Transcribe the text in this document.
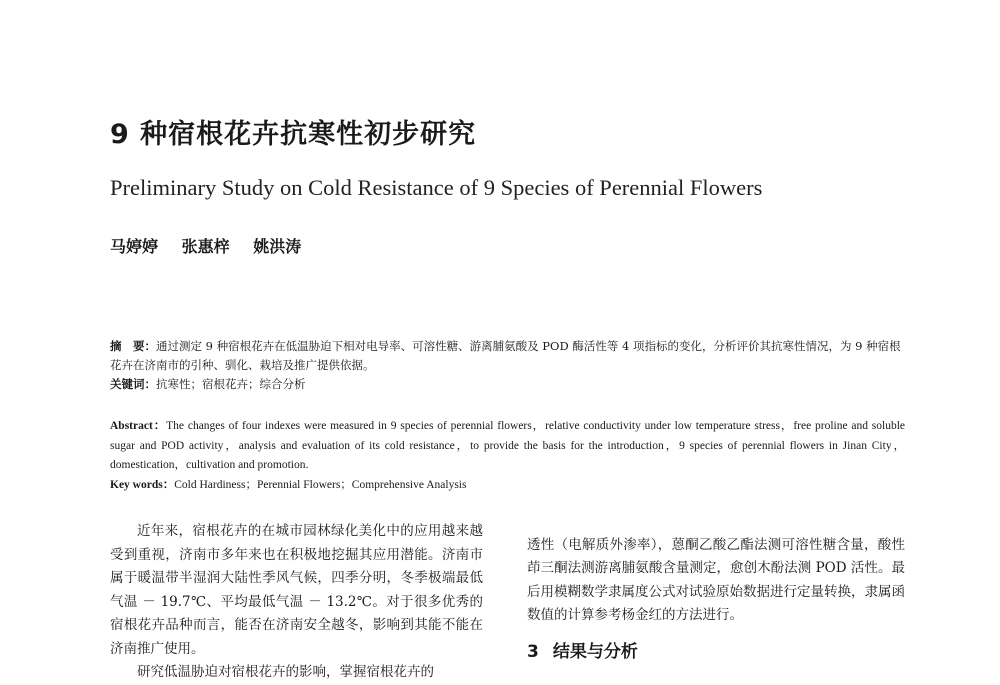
9 种宿根花卉抗寒性初步研究
Preliminary Study on Cold Resistance of 9 Species of Perennial Flowers
马婷婷 张惠梓 姚洪涛
摘　要：通过测定 9 种宿根花卉在低温胁迫下相对电导率、可溶性糖、游离脯氨酸及 POD 酶活性等 4 项指标的变化，分析评价其抗寒性情况，为 9 种宿根花卉在济南市的引种、驯化、栽培及推广提供依据。
关键词：抗寒性；宿根花卉；综合分析
Abstract：The changes of four indexes were measured in 9 species of perennial flowers，relative conductivity under low temperature stress，free proline and soluble sugar and POD activity，analysis and evaluation of its cold resistance，to provide the basis for the introduction，9 species of perennial flowers in Jinan City，domestication，cultivation and promotion.
Key words：Cold Hardiness；Perennial Flowers；Comprehensive Analysis

近年来，宿根花卉的在城市园林绿化美化中的应用越来越受到重视，济南市多年来也在积极地挖掘其应用潜能。济南市属于暖温带半湿润大陆性季风气候，四季分明，冬季极端最低气温 － 19.7℃、平均最低气温 － 13.2℃。对于很多优秀的宿根花卉品种而言，能否在济南安全越冬，影响到其能不能在济南推广使用。

研究低温胁迫对宿根花卉的影响，掌握宿根花卉的

透性（电解质外渗率），蒽酮乙酸乙酯法测可溶性糖含量，酸性茚三酮法测游离脯氨酸含量测定，愈创木酚法测 POD 活性。最后用模糊数学隶属度公式对试验原始数据进行定量转换，隶属函数值的计算参考杨金红的方法进行。

3 结果与分析
